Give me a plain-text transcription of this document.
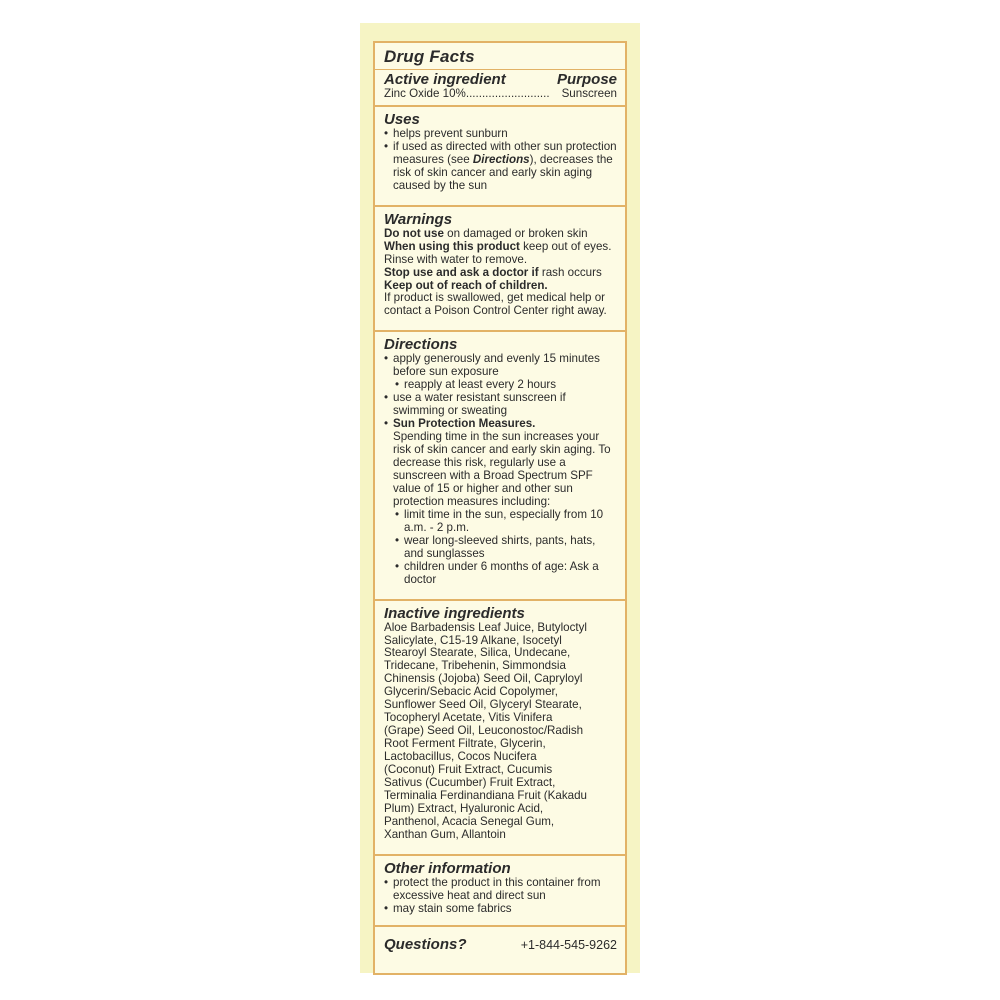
Drug Facts
Active ingredient	Purpose
Zinc Oxide 10%.......................... Sunscreen
Uses
• helps prevent sunburn
• if used as directed with other sun protection measures (see Directions), decreases the risk of skin cancer and early skin aging caused by the sun
Warnings
Do not use on damaged or broken skin
When using this product keep out of eyes. Rinse with water to remove.
Stop use and ask a doctor if rash occurs
Keep out of reach of children.
If product is swallowed, get medical help or contact a Poison Control Center right away.
Directions
• apply generously and evenly 15 minutes before sun exposure
• reapply at least every 2 hours
• use a water resistant sunscreen if swimming or sweating
• Sun Protection Measures.
Spending time in the sun increases your risk of skin cancer and early skin aging. To decrease this risk, regularly use a sunscreen with a Broad Spectrum SPF value of 15 or higher and other sun protection measures including:
• limit time in the sun, especially from 10 a.m. - 2 p.m.
• wear long-sleeved shirts, pants, hats, and sunglasses
• children under 6 months of age: Ask a doctor
Inactive ingredients
Aloe Barbadensis Leaf Juice, Butyloctyl Salicylate, C15-19 Alkane, Isocetyl Stearoyl Stearate, Silica, Undecane, Tridecane, Tribehenin, Simmondsia Chinensis (Jojoba) Seed Oil, Capryloyl Glycerin/Sebacic Acid Copolymer, Sunflower Seed Oil, Glyceryl Stearate, Tocopheryl Acetate, Vitis Vinifera (Grape) Seed Oil, Leuconostoc/Radish Root Ferment Filtrate, Glycerin, Lactobacillus, Cocos Nucifera (Coconut) Fruit Extract, Cucumis Sativus (Cucumber) Fruit Extract, Terminalia Ferdinandiana Fruit (Kakadu Plum) Extract, Hyaluronic Acid, Panthenol, Acacia Senegal Gum, Xanthan Gum, Allantoin
Other information
• protect the product in this container from excessive heat and direct sun
• may stain some fabrics
Questions?	+1-844-545-9262
